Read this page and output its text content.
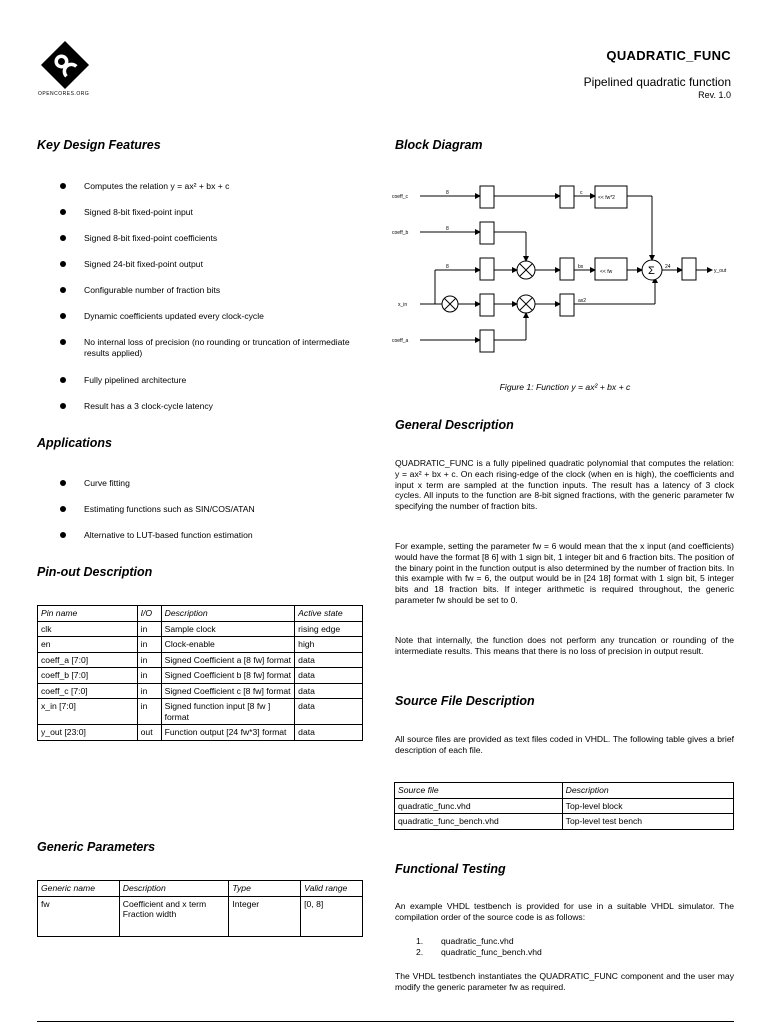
OPENCORES.ORG
QUADRATIC_FUNC
Pipelined quadratic function
Rev. 1.0
Key Design Features
Computes the relation y = ax² + bx + c
Signed 8-bit fixed-point input
Signed 8-bit fixed-point coefficients
Signed 24-bit fixed-point output
Configurable number of fraction bits
Dynamic coefficients updated every clock-cycle
No internal loss of precision (no rounding or truncation of intermediate results applied)
Fully pipelined architecture
Result has a 3 clock-cycle latency
Applications
Curve fitting
Estimating functions such as SIN/COS/ATAN
Alternative to LUT-based function estimation
Pin-out Description
Pin name	I/O	Description	Active state
clk	in	Sample clock	rising edge
en	in	Clock-enable	high
coeff_a [7:0]	in	Signed Coefficient a [8 fw] format	data
coeff_b [7:0]	in	Signed Coefficient b [8 fw] format	data
coeff_c [7:0]	in	Signed Coefficient c [8 fw] format	data
x_in [7:0]	in	Signed function input [8 fw ] format	data
y_out [23:0]	out	Function output [24 fw*3] format	data
Generic Parameters
Generic name	Description	Type	Valid range
fw	Coefficient and x term Fraction width	Integer	[0, 8]
Block Diagram
coeff_c
coeff_b
x_in
coeff_a
8
8
8
c
bx
ax2
<< fw*2
<< fw
24
y_out
Σ
Figure 1: Function y = ax² + bx + c
General Description
QUADRATIC_FUNC is a fully pipelined quadratic polynomial that computes the relation: y = ax² + bx + c. On each rising-edge of the clock (when en is high), the coefficients and input x term are sampled at the function inputs. The result has a latency of 3 clock cycles. All inputs to the function are 8-bit signed fractions, with the generic parameter fw specifying the number of fraction bits.
For example, setting the parameter fw = 6 would mean that the x input (and coefficients) would have the format [8 6] with 1 sign bit, 1 integer bit and 6 fraction bits. The position of the binary point in the function output is also determined by the number of fraction bits. In this example with fw = 6, the output would be in [24 18] format with 1 sign bit, 5 integer bits and 18 fraction bits. If integer arithmetic is required throughout, the generic parameter fw should be set to 0.
Note that internally, the function does not perform any truncation or rounding of the intermediate results. This means that there is no loss of precision in output result.
Source File Description
All source files are provided as text files coded in VHDL. The following table gives a brief description of each file.
Source file	Description
quadratic_func.vhd	Top-level block
quadratic_func_bench.vhd	Top-level test bench
Functional Testing
An example VHDL testbench is provided for use in a suitable VHDL simulator. The compilation order of the source code is as follows:
1. quadratic_func.vhd
2. quadratic_func_bench.vhd
The VHDL testbench instantiates the QUADRATIC_FUNC component and the user may modify the generic parameter fw as required.
